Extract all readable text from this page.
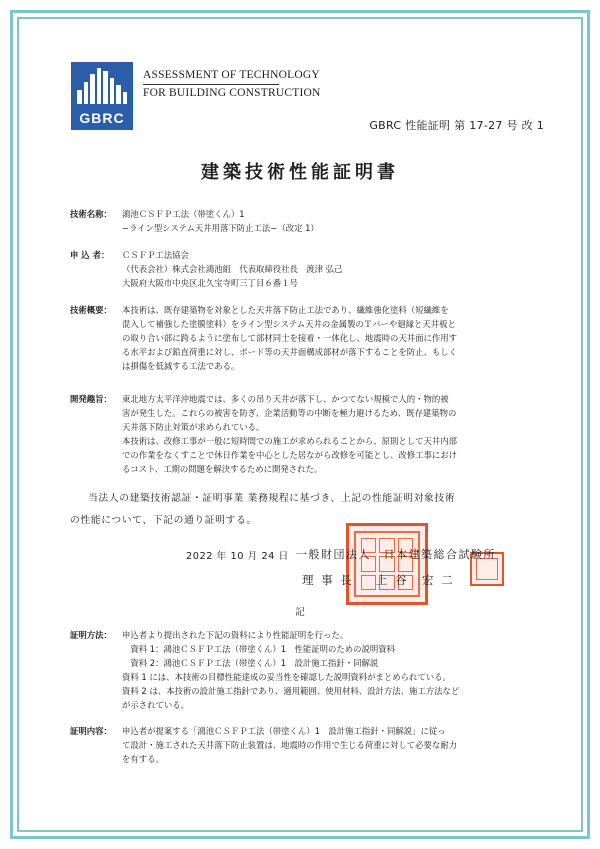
GBRC
ASSESSMENT OF TECHNOLOGY
FOR BUILDING CONSTRUCTION
GBRC 性能証明 第 17-27 号 改 1
建築技術性能証明書
技術名称：	鴻池ＣＳＦＰ工法（帯塗くん）1
−ライン型システム天井用落下防止工法−（改定 1）
申 込 者：	ＣＳＦＰ工法協会
（代表会社）株式会社鴻池組　代表取締役社長　渡津 弘己
大阪府大阪市中央区北久宝寺町三丁目６番１号
技術概要：	本技術は、既存建築物を対象とした天井落下防止工法であり、繊維強化塗料（短繊維を
混入して補強した塗膜塗料）をライン型システム天井の金属製のＴバーや廻縁と天井板と
の取り合い部に跨るように塗布して部材同士を接着・一体化し、地震時の天井面に作用す
る水平および鉛直荷重に対し、ボード等の天井面構成部材が落下することを防止、もしく
は損傷を低減する工法である。
開発趣旨：	東北地方太平洋沖地震では、多くの吊り天井が落下し、かつてない規模で人的・物的被
害が発生した。これらの被害を防ぎ、企業活動等の中断を極力避けるため、既存建築物の
天井落下防止対策が求められている。
本技術は、改修工事が一般に短時間での施工が求められることから、原則として天井内部
での作業をなくすことで休日作業を中心とした居ながら改修を可能とし、改修工事におけ
るコスト、工期の問題を解決するために開発された。
当法人の建築技術認証・証明事業 業務規程に基づき、上記の性能証明対象技術
の性能について、下記の通り証明する。
2022 年 10 月 24 日 一般財団法人　日本建築総合試験所
理 事 長 上 谷　宏 二
記
証明方法：	申込者より提出された下記の資料により性能証明を行った。
　資料 1：鴻池ＣＳＦＰ工法（帯塗くん）1　性能証明のための説明資料
　資料 2：鴻池ＣＳＦＰ工法（帯塗くん）1　設計施工指針・同解説
資料 1 には、本技術の目標性能達成の妥当性を確認した説明資料がまとめられている。
資料 2 は、本技術の設計施工指針であり、適用範囲、使用材料、設計方法、施工方法など
が示されている。
証明内容：	申込者が提案する「鴻池ＣＳＦＰ工法（帯塗くん）1　設計施工指針・同解説」に従っ
て設計・施工された天井落下防止装置は、地震時の作用で生じる荷重に対して必要な耐力
を有する。
